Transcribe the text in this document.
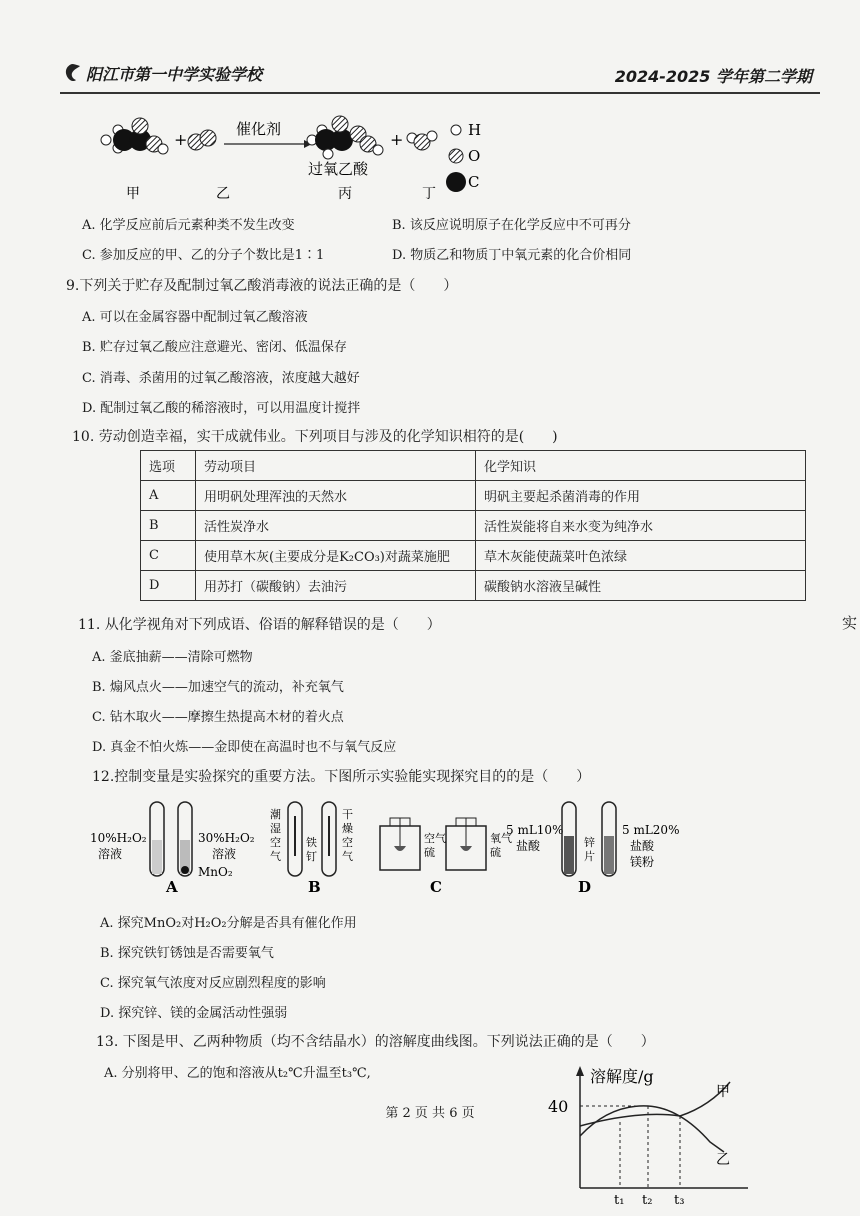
阳江市第一中学实验学校	2024-2025 学年第二学期
+
催化剂
+
过氧乙酸
甲	乙	丙	丁
H
O
C
A. 化学反应前后元素种类不发生改变	B. 该反应说明原子在化学反应中不可再分
C. 参加反应的甲、乙的分子个数比是1∶1	D. 物质乙和物质丁中氧元素的化合价相同
9.下列关于贮存及配制过氧乙酸消毒液的说法正确的是（　　）
A. 可以在金属容器中配制过氧乙酸溶液
B. 贮存过氧乙酸应注意避光、密闭、低温保存
C. 消毒、杀菌用的过氧乙酸溶液，浓度越大越好
D. 配制过氧乙酸的稀溶液时，可以用温度计搅拌
10. 劳动创造幸福，实干成就伟业。下列项目与涉及的化学知识相符的是(　　)
选项	劳动项目	化学知识
A	用明矾处理浑浊的天然水	明矾主要起杀菌消毒的作用
B	活性炭净水	活性炭能将自来水变为纯净水
C	使用草木灰(主要成分是K₂CO₃)对蔬菜施肥	草木灰能使蔬菜叶色浓绿
D	用苏打（碳酸钠）去油污	碳酸钠水溶液呈碱性
11. 从化学视角对下列成语、俗语的解释错误的是（　　）
A. 釜底抽薪——清除可燃物
B. 煽风点火——加速空气的流动，补充氧气
C. 钻木取火——摩擦生热提高木材的着火点
D. 真金不怕火炼——金即使在高温时也不与氧气反应
12.控制变量是实验探究的重要方法。下图所示实验能实现探究目的的是（　　）
10%H₂O₂
溶液
30%H₂O₂
溶液
MnO₂
A
潮
湿
空
气
铁
钉
干
燥
空
气
B
空气
硫
氧气
硫
C
5 mL10%
盐酸	锌
片
5 mL20%
盐酸
镁粉
D
A. 探究MnO₂对H₂O₂分解是否具有催化作用
B. 探究铁钉锈蚀是否需要氧气
C. 探究氧气浓度对反应剧烈程度的影响
D. 探究锌、镁的金属活动性强弱
13. 下图是甲、乙两种物质（均不含结晶水）的溶解度曲线图。下列说法正确的是（　　）
A. 分别将甲、乙的饱和溶液从t₂℃升温至t₃℃,	溶解度/g
40
甲
乙
t₁ t₂ t₃
第 2 页 共 6 页
实
